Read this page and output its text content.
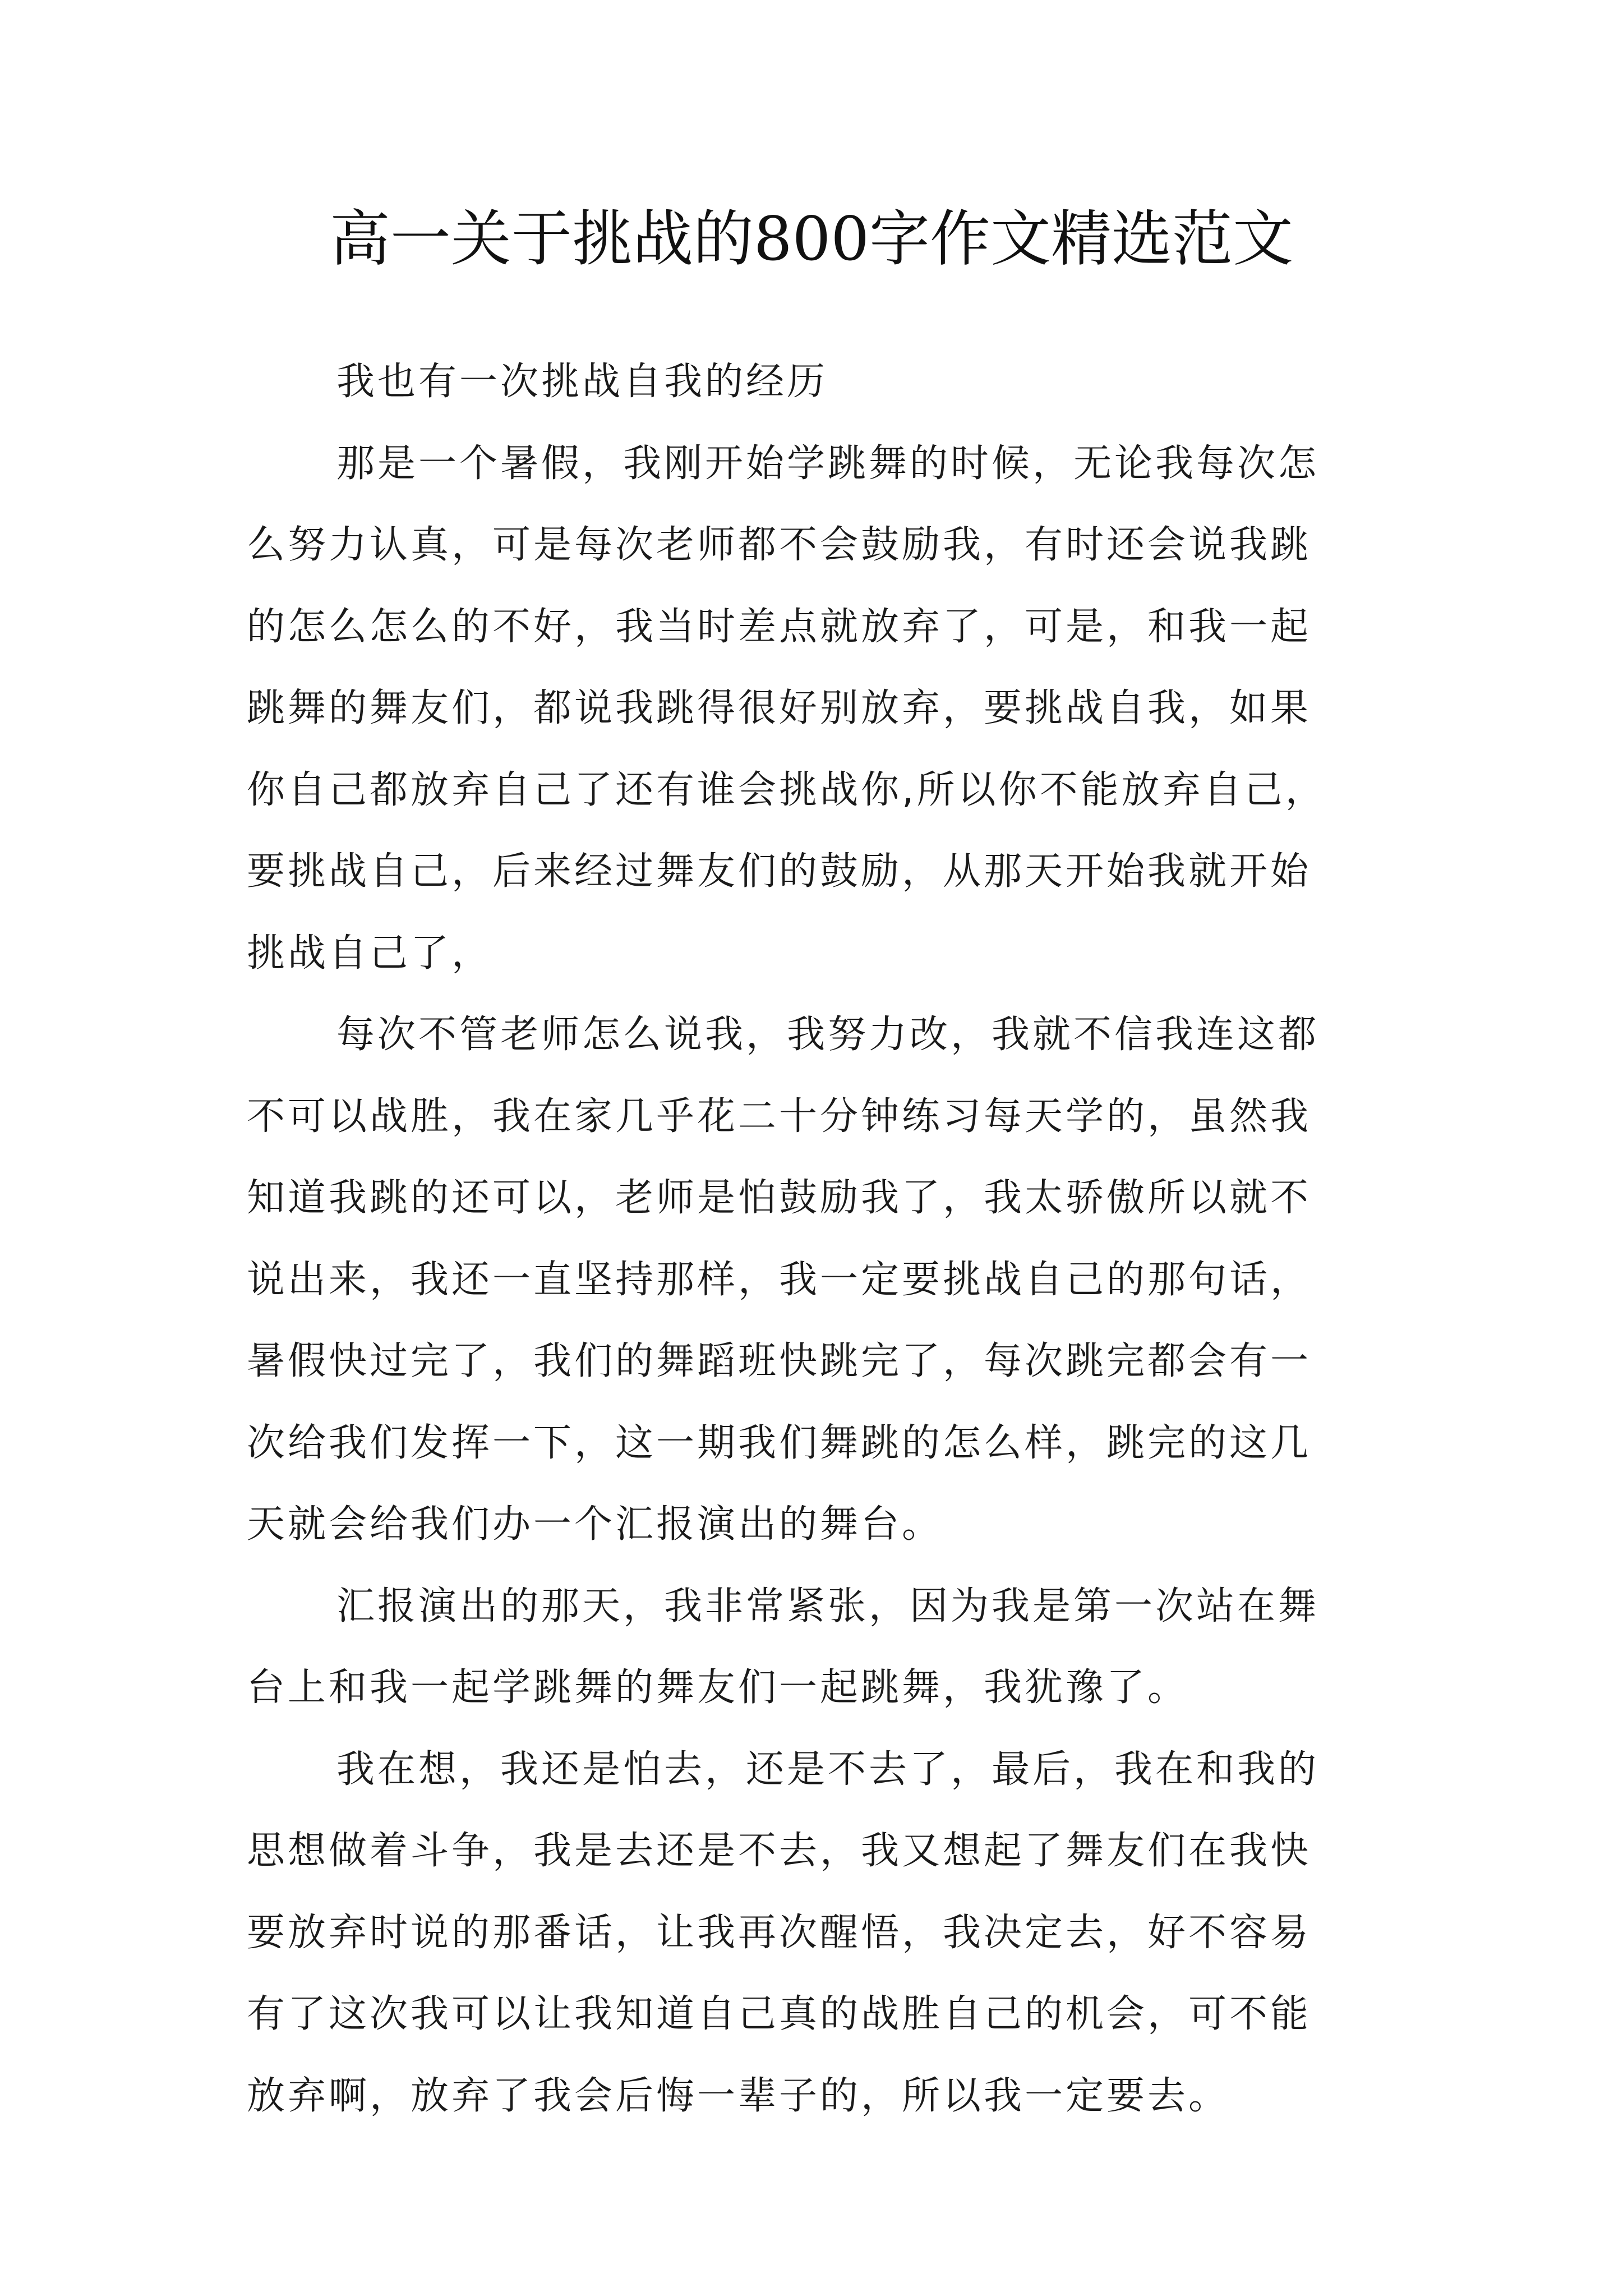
高一关于挑战的800字作文精选范文
我也有一次挑战自我的经历
那是一个暑假，我刚开始学跳舞的时候，无论我每次怎
么努力认真，可是每次老师都不会鼓励我，有时还会说我跳
的怎么怎么的不好，我当时差点就放弃了，可是，和我一起
跳舞的舞友们，都说我跳得很好别放弃，要挑战自我，如果
你自己都放弃自己了还有谁会挑战你,所以你不能放弃自己，
要挑战自己，后来经过舞友们的鼓励，从那天开始我就开始
挑战自己了，
每次不管老师怎么说我，我努力改，我就不信我连这都
不可以战胜，我在家几乎花二十分钟练习每天学的，虽然我
知道我跳的还可以，老师是怕鼓励我了，我太骄傲所以就不
说出来，我还一直坚持那样，我一定要挑战自己的那句话，
暑假快过完了，我们的舞蹈班快跳完了，每次跳完都会有一
次给我们发挥一下，这一期我们舞跳的怎么样，跳完的这几
天就会给我们办一个汇报演出的舞台。
汇报演出的那天，我非常紧张，因为我是第一次站在舞
台上和我一起学跳舞的舞友们一起跳舞，我犹豫了。
我在想，我还是怕去，还是不去了，最后，我在和我的
思想做着斗争，我是去还是不去，我又想起了舞友们在我快
要放弃时说的那番话，让我再次醒悟，我决定去，好不容易
有了这次我可以让我知道自己真的战胜自己的机会，可不能
放弃啊，放弃了我会后悔一辈子的，所以我一定要去。
